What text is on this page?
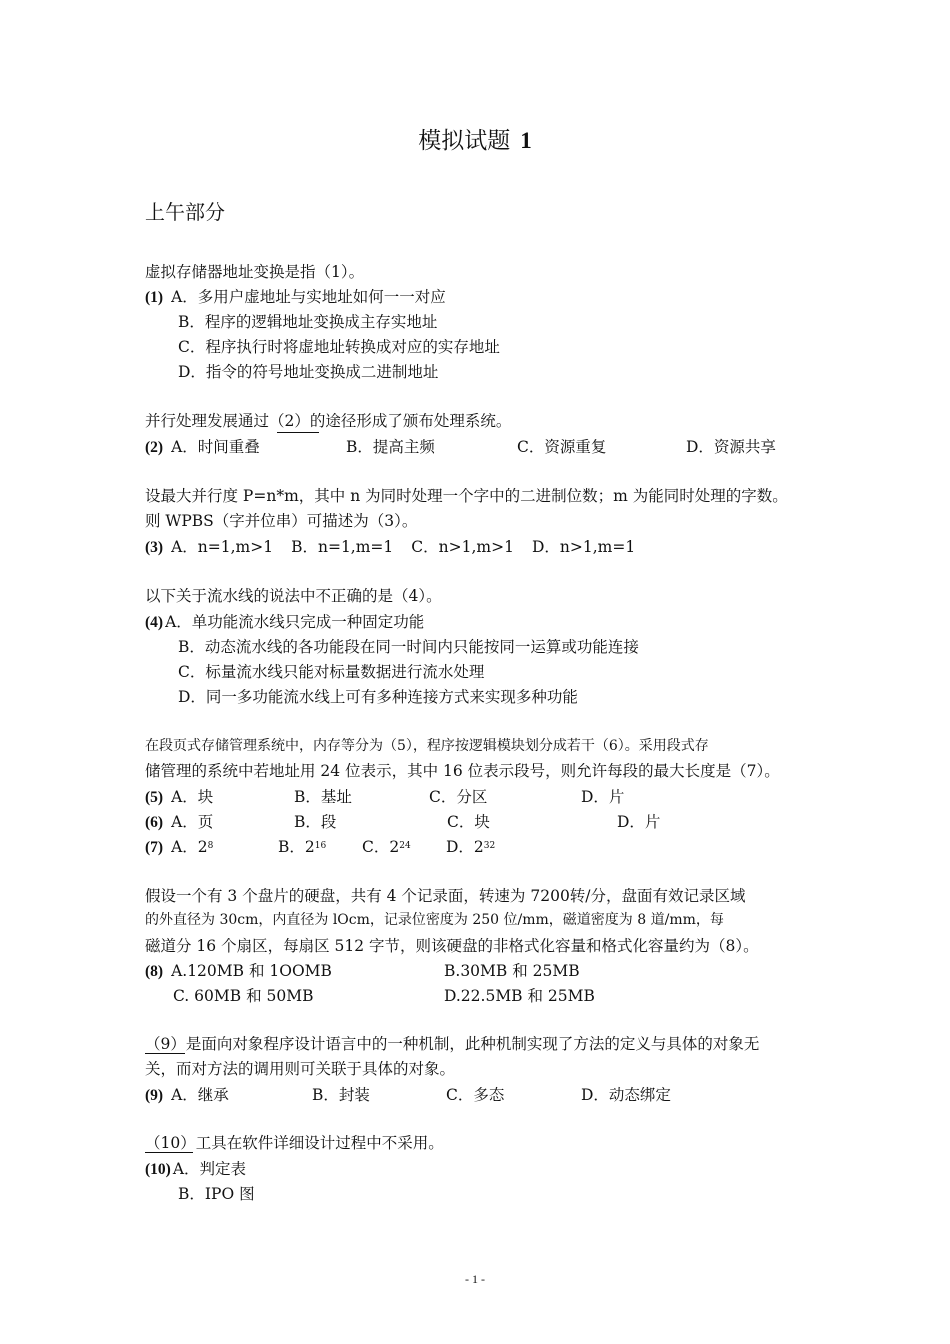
模拟试题 1
上午部分
虚拟存储器地址变换是指（1）。
(1) A．多用户虚地址与实地址如何一一对应
B．程序的逻辑地址变换成主存实地址
C．程序执行时将虚地址转换成对应的实存地址
D．指令的符号地址变换成二进制地址
并行处理发展通过（2）的途径形成了颁布处理系统。
(2) A．时间重叠	B．提高主频	C．资源重复	D．资源共享
设最大并行度 P=n*m，其中 n 为同时处理一个字中的二进制位数；m 为能同时处理的字数。
则 WPBS（字并位串）可描述为（3）。
(3) A．n=1,m>1 B．n=1,m=1 C．n>1,m>1 D．n>1,m=1
以下关于流水线的说法中不正确的是（4）。
(4) A．单功能流水线只完成一种固定功能
B．动态流水线的各功能段在同一时间内只能按同一运算或功能连接
C．标量流水线只能对标量数据进行流水处理
D．同一多功能流水线上可有多种连接方式来实现多种功能
在段页式存储管理系统中，内存等分为（5），程序按逻辑模块划分成若干（6）。采用段式存
储管理的系统中若地址用 24 位表示，其中 16 位表示段号，则允许每段的最大长度是（7）。
(5) A．块	B．基址	C．分区	D．片
(6) A．页	B．段	C．块	D．片
(7) A．$2^8$	B．$2^{16}$ C．$2^{24}$ D．$2^{32}$
假设一个有 3 个盘片的硬盘，共有 4 个记录面，转速为 7200转/分，盘面有效记录区域
的外直径为 30cm，内直径为 lOcm，记录位密度为 250 位/mm，磁道密度为 8 道/mm，每
磁道分 16 个扇区，每扇区 512 字节，则该硬盘的非格式化容量和格式化容量约为（8）。
(8) A.120MB 和 1OOMB	B.30MB 和 25MB
C. 60MB 和 50MB	D.22.5MB 和 25MB
（9）是面向对象程序设计语言中的一种机制，此种机制实现了方法的定义与具体的对象无
关，而对方法的调用则可关联于具体的对象。
(9) A．继承	B．封装	C．多态	D．动态绑定
（10）工具在软件详细设计过程中不采用。
(10) A．判定表
B．IPO 图
- 1 -
